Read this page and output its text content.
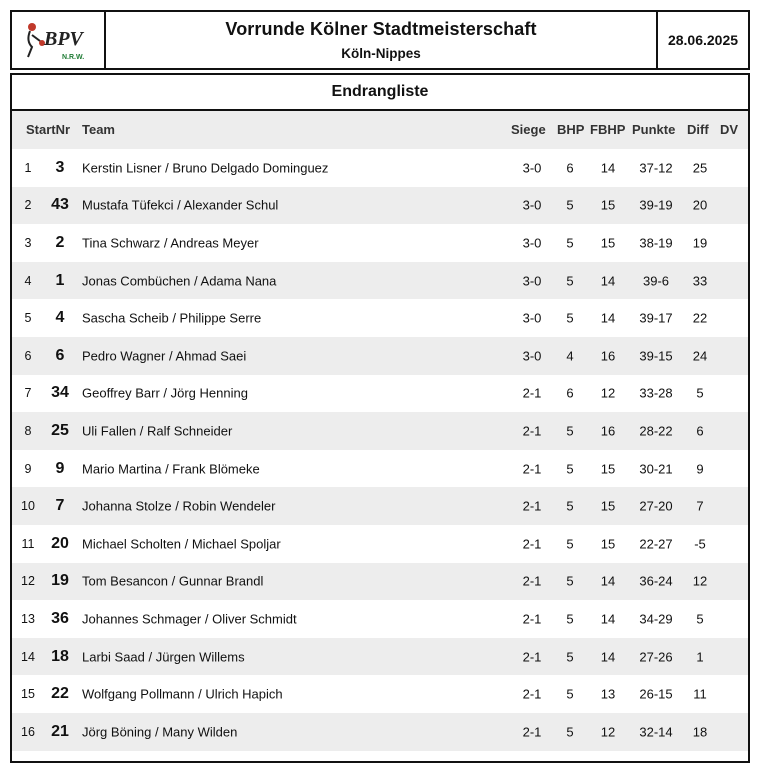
BPV
N.R.W.
Vorrunde Kölner Stadtmeisterschaft
Köln-Nippes
28.06.2025
Endrangliste
StartNr Team	Siege BHP FBHP Punkte Diff DV
1	3	Kerstin Lisner / Bruno Delgado Dominguez	3-0	6	14	37-12	25
2	43	Mustafa Tüfekci / Alexander Schul	3-0	5	15	39-19	20
3	2	Tina Schwarz / Andreas Meyer	3-0	5	15	38-19	19
4	1	Jonas Combüchen / Adama Nana	3-0	5	14	39-6	33
5	4	Sascha Scheib / Philippe Serre	3-0	5	14	39-17	22
6	6	Pedro Wagner / Ahmad Saei	3-0	4	16	39-15	24
7	34	Geoffrey Barr / Jörg Henning	2-1	6	12	33-28	5
8	25	Uli Fallen / Ralf Schneider	2-1	5	16	28-22	6
9	9	Mario Martina / Frank Blömeke	2-1	5	15	30-21	9
10	7	Johanna Stolze / Robin Wendeler	2-1	5	15	27-20	7
11	20	Michael Scholten / Michael Spoljar	2-1	5	15	22-27	-5
12	19	Tom Besancon / Gunnar Brandl	2-1	5	14	36-24	12
13	36	Johannes Schmager / Oliver Schmidt	2-1	5	14	34-29	5
14	18	Larbi Saad / Jürgen Willems	2-1	5	14	27-26	1
15	22	Wolfgang Pollmann / Ulrich Hapich	2-1	5	13	26-15	11
16	21	Jörg Böning / Many Wilden	2-1	5	12	32-14	18
